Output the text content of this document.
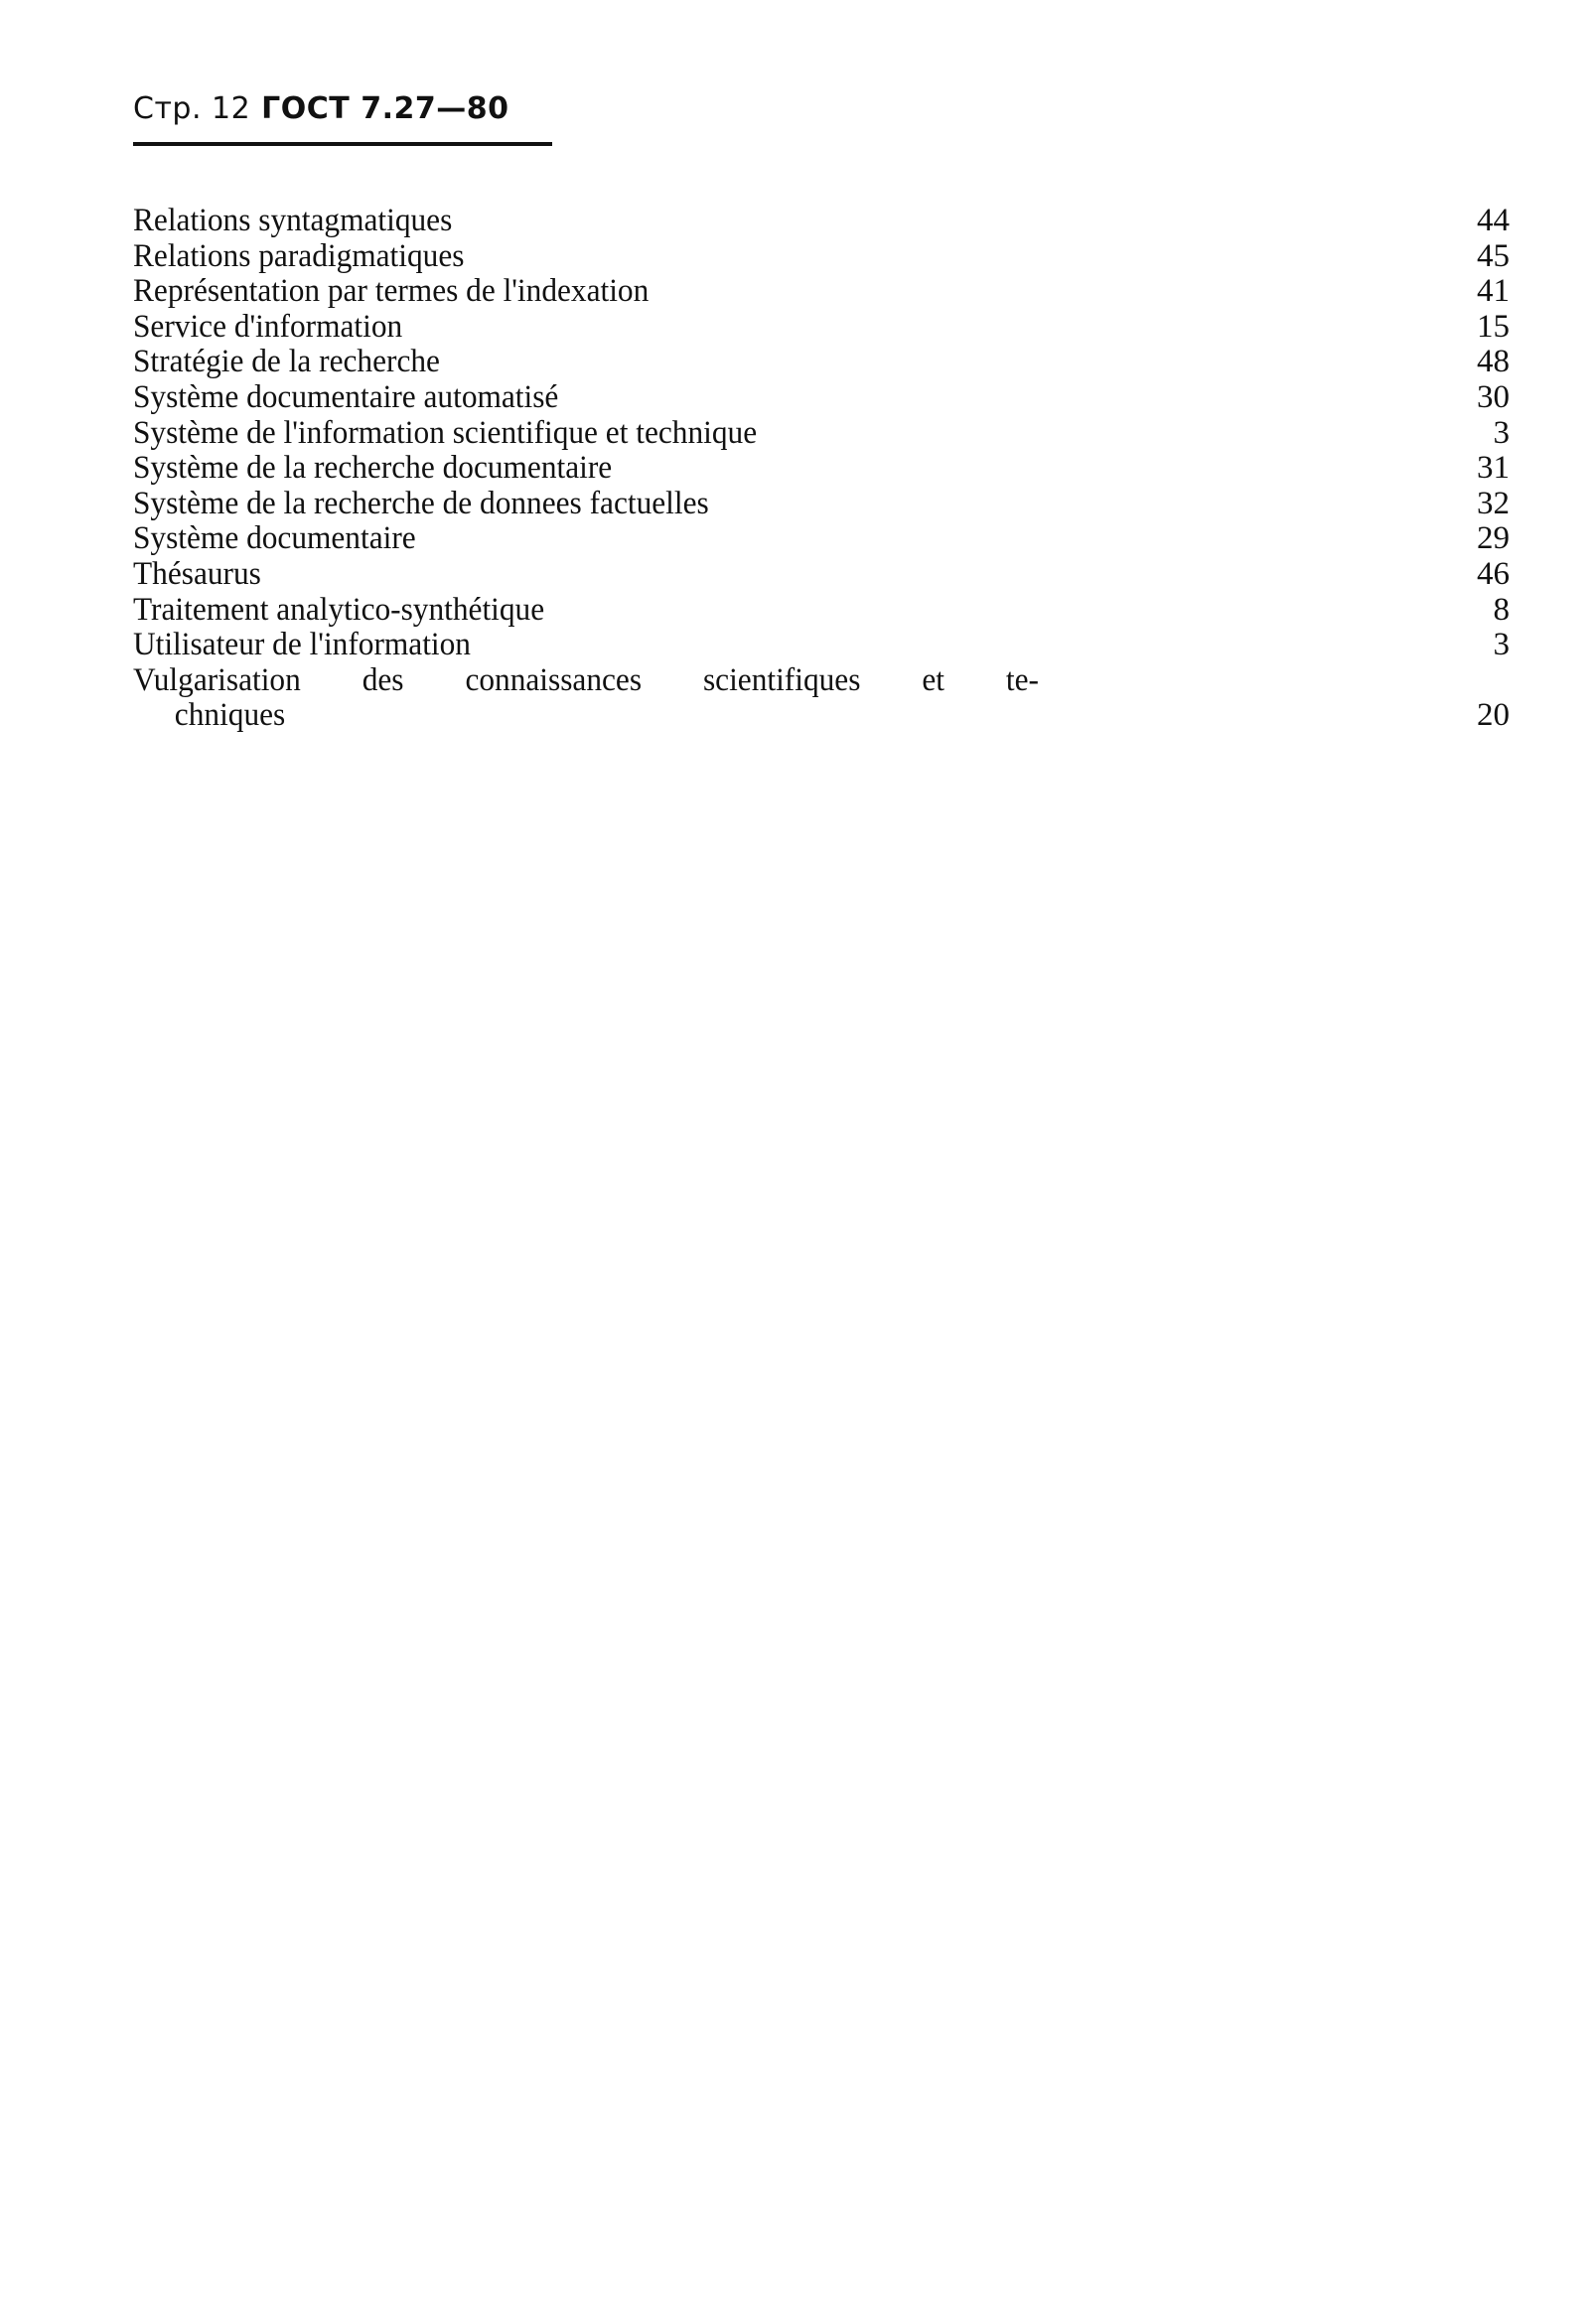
Стр. 12 ГОСТ 7.27—80
Relations syntagmatiques	44
Relations paradigmatiques	45
Représentation par termes de l'indexation	41
Service d'information	15
Stratégie de la recherche	48
Système documentaire automatisé	30
Système de l'information scientifique et technique	3
Système de la recherche documentaire	31
Système de la recherche de donnees factuelles	32
Système documentaire	29
Thésaurus	46
Traitement analytico-synthétique	8
Utilisateur de l'information	3
Vulgarisation des connaissances scientifiques et te-
chniques	20
